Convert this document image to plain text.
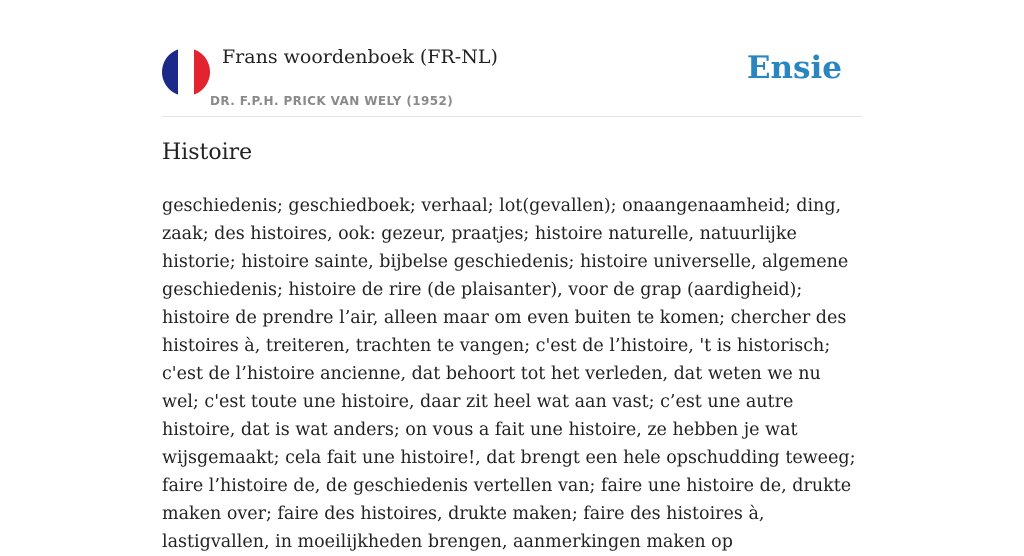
Frans woordenboek (FR-NL)
DR. F.P.H. PRICK VAN WELY (1952)
Ensie
Histoire

geschiedenis; geschiedboek; verhaal; lot(gevallen); onaangenaamheid; ding, zaak; des histoires, ook: gezeur, praatjes; histoire naturelle, natuurlijke historie; histoire sainte, bijbelse geschiedenis; histoire universelle, algemene geschiedenis; histoire de rire (de plaisanter), voor de grap (aardigheid); histoire de prendre l’air, alleen maar om even buiten te komen; chercher des histoires à, treiteren, trachten te vangen; c'est de l’histoire, 't is historisch; c'est de l’histoire ancienne, dat behoort tot het verleden, dat weten we nu wel; c'est toute une histoire, daar zit heel wat aan vast; c’est une autre histoire, dat is wat anders; on vous a fait une histoire, ze hebben je wat wijsgemaakt; cela fait une histoire!, dat brengt een hele opschudding teweeg; faire l’histoire de, de geschiedenis vertellen van; faire une histoire de, drukte maken over; faire des histoires, drukte maken; faire des histoires à, lastigvallen, in moeilijkheden brengen, aanmerkingen maken op
